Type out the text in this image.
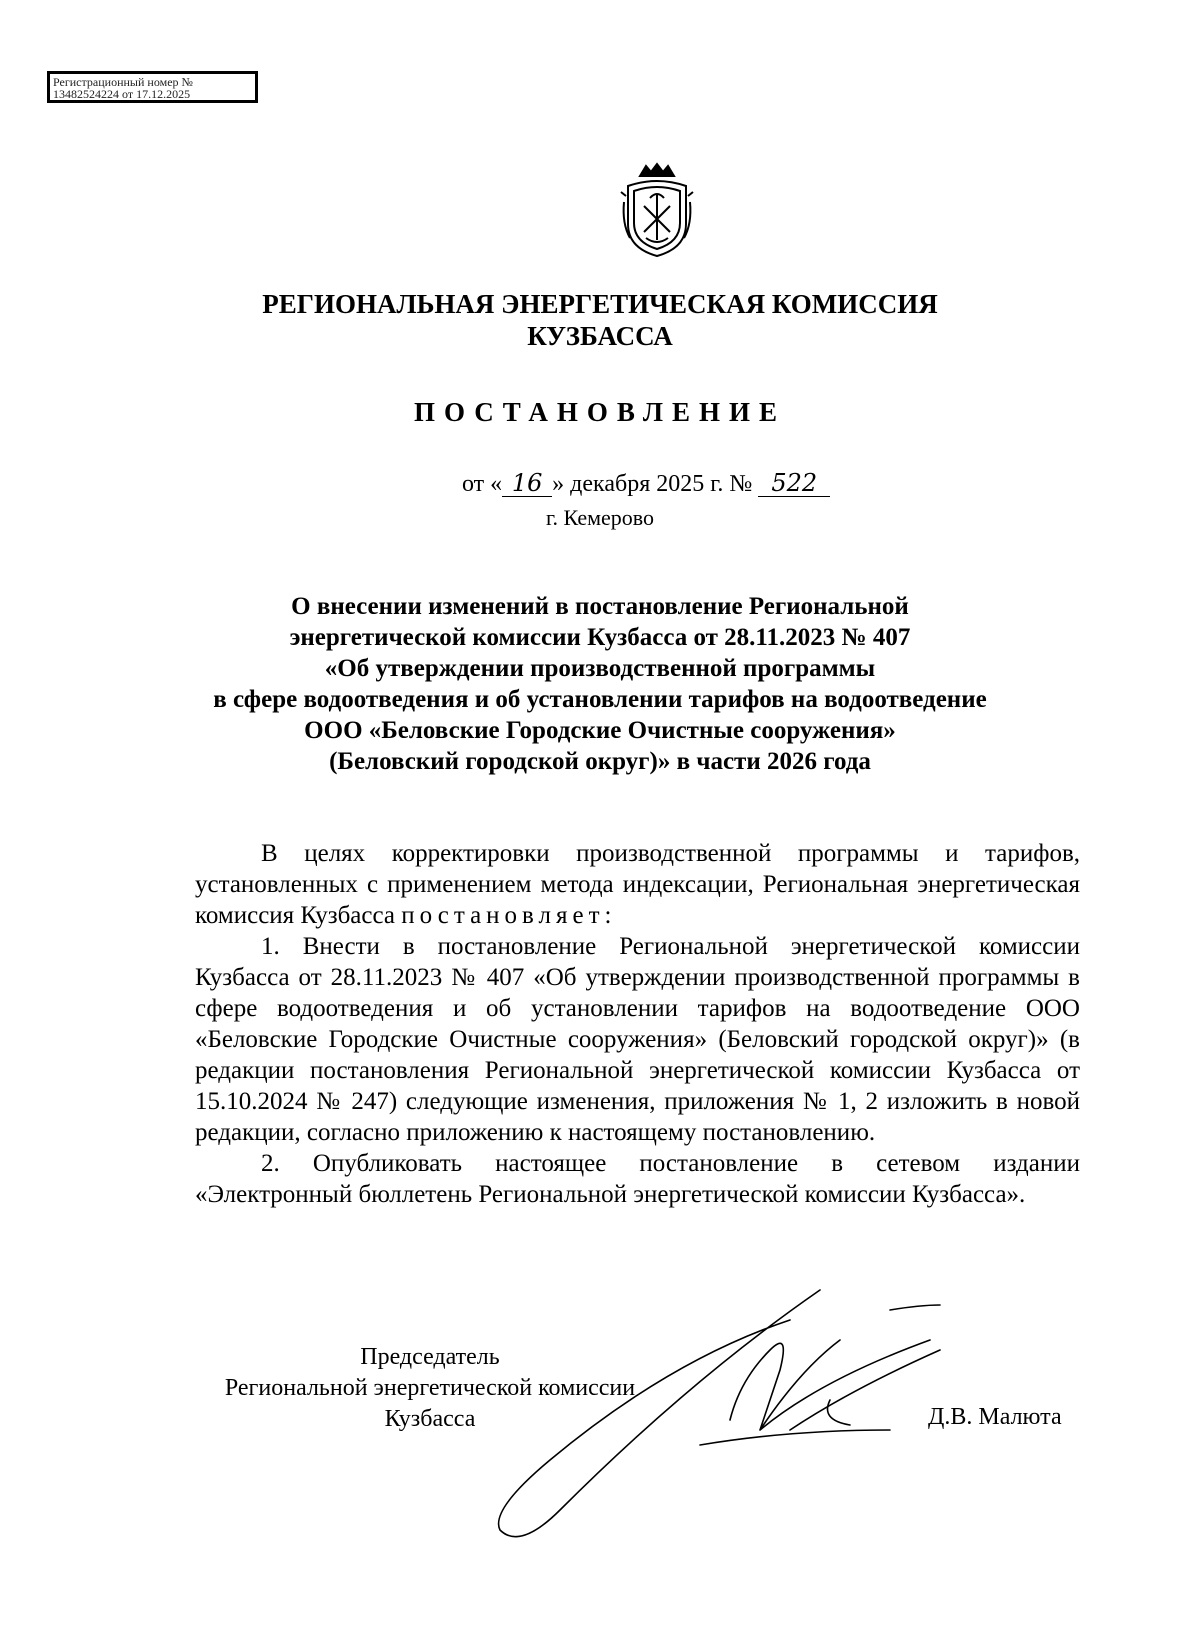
Регистрационный номер №
13482524224 от 17.12.2025
РЕГИОНАЛЬНАЯ ЭНЕРГЕТИЧЕСКАЯ КОМИССИЯ
КУЗБАССА
ПОСТАНОВЛЕНИЕ
от « 16 » декабря 2025 г. № 522
г. Кемерово
О внесении изменений в постановление Региональной
энергетической комиссии Кузбасса от 28.11.2023 № 407
«Об утверждении производственной программы
в сфере водоотведения и об установлении тарифов на водоотведение
ООО «Беловские Городские Очистные сооружения»
(Беловский городской округ)» в части 2026 года

В целях корректировки производственной программы и тарифов, установленных с применением метода индексации, Региональная энергетическая комиссия Кузбасса постановляет:

1. Внести в постановление Региональной энергетической комиссии Кузбасса от 28.11.2023 № 407 «Об утверждении производственной программы в сфере водоотведения и об установлении тарифов на водоотведение ООО «Беловские Городские Очистные сооружения» (Беловский городской округ)» (в редакции постановления Региональной энергетической комиссии Кузбасса от 15.10.2024 № 247) следующие изменения, приложения № 1, 2 изложить в новой редакции, согласно приложению к настоящему постановлению.

2. Опубликовать настоящее постановление в сетевом издании «Электронный бюллетень Региональной энергетической комиссии Кузбасса».

Председатель
Региональной энергетической комиссии
Кузбасса	Д.В. Малюта
